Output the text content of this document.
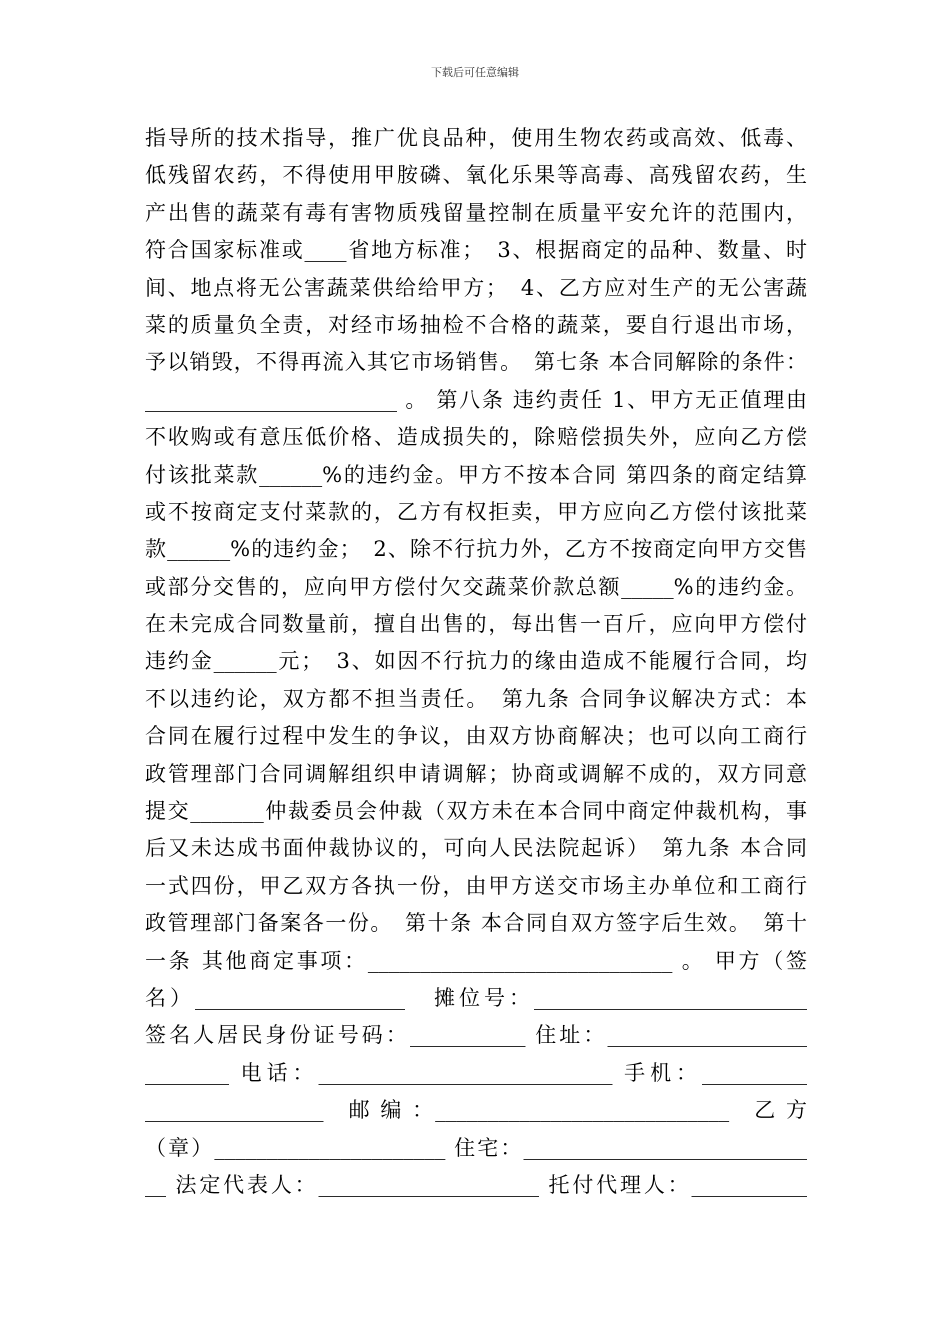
下载后可任意编辑
指导所的技术指导，推广优良品种，使用生物农药或高效、低毒、
低残留农药，不得使用甲胺磷、氧化乐果等高毒、高残留农药，生
产出售的蔬菜有毒有害物质残留量控制在质量平安允许的范围内，
符合国家标准或____省地方标准；　3、根据商定的品种、数量、时
间、地点将无公害蔬菜供给给甲方；　4、乙方应对生产的无公害蔬
菜的质量负全责，对经市场抽检不合格的蔬菜，要自行退出市场，
予以销毁，不得再流入其它市场销售。　第七条 本合同解除的条件：
________________________ 。 第八条 违约责任 1、甲方无正值理由
不收购或有意压低价格、造成损失的，除赔偿损失外，应向乙方偿
付该批菜款______%的违约金。甲方不按本合同 第四条的商定结算
或不按商定支付菜款的，乙方有权拒卖，甲方应向乙方偿付该批菜
款______%的违约金；　2、除不行抗力外，乙方不按商定向甲方交售
或部分交售的，应向甲方偿付欠交蔬菜价款总额_____%的违约金。
在未完成合同数量前，擅自出售的，每出售一百斤，应向甲方偿付
违约金______元；　3、如因不行抗力的缘由造成不能履行合同，均
不以违约论，双方都不担当责任。　第九条 合同争议解决方式：本
合同在履行过程中发生的争议，由双方协商解决；也可以向工商行
政管理部门合同调解组织申请调解；协商或调解不成的，双方同意
提交_______仲裁委员会仲裁（双方未在本合同中商定仲裁机构，事
后又未达成书面仲裁协议的，可向人民法院起诉）　第九条 本合同
一式四份，甲乙双方各执一份，由甲方送交市场主办单位和工商行
政管理部门备案各一份。　第十条 本合同自双方签字后生效。　第十
一条 其他商定事项：_____________________________ 。 甲方（签
名）____________________　摊位号：__________________________
签名人居民身份证号码：___________ 住址：___________________
________ 电话：____________________________ 手机：__________
_________________　邮 编 ：____________________________　乙 方
（章）______________________ 住宅：___________________________
__ 法定代表人：_____________________ 托付代理人：___________
